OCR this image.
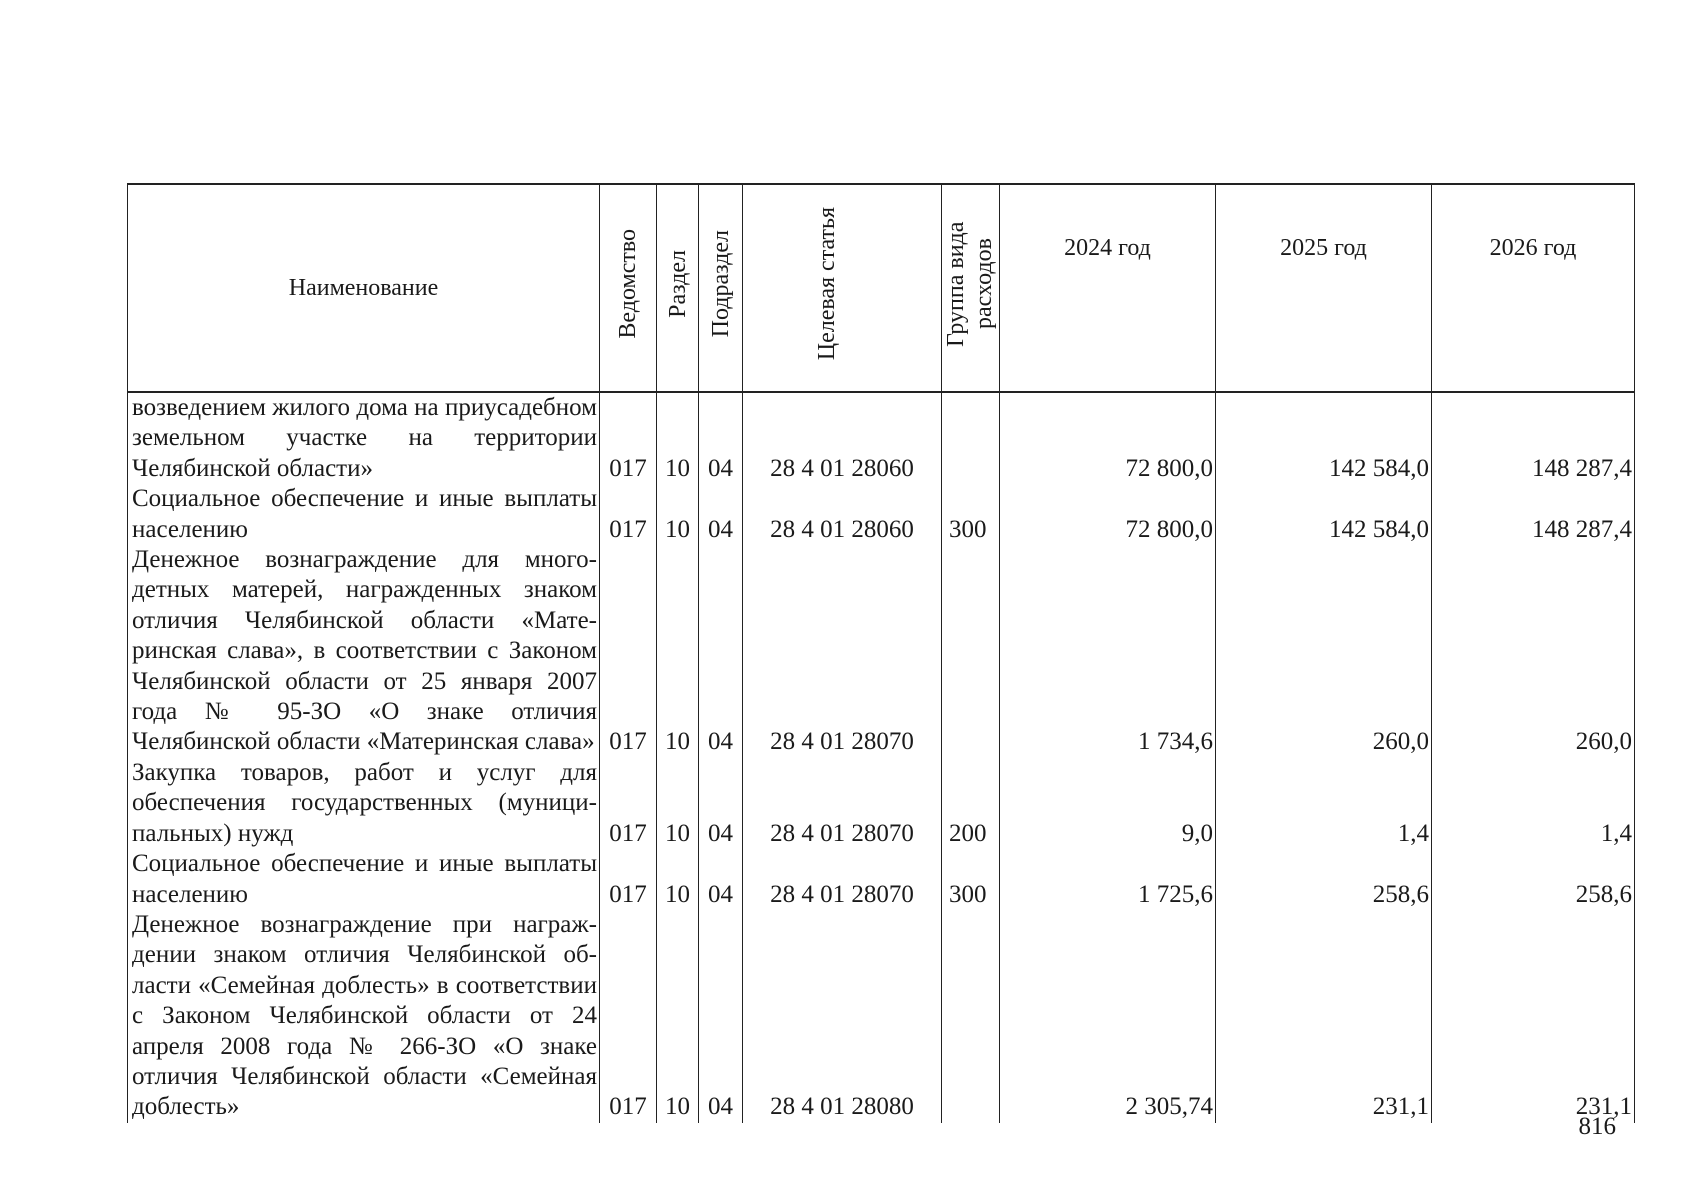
Наименование	Ведомство	Раздел	Подраздел	Целевая статья	Группа вида расходов	2024 год	2025 год	2026 год
возведением жилого дома на приусадебном земельном участке на территории Челябинской области»	017	10	04	28 4 01 28060		72 800,0	142 584,0	148 287,4
Социальное обеспечение и иные выплаты населению	017	10	04	28 4 01 28060	300	72 800,0	142 584,0	148 287,4
Денежное вознаграждение для многодетных матерей, награжденных знаком отличия Челябинской области «Материнская слава», в соответствии с Законом Челябинской области от 25 января 2007 года № 95-ЗО «О знаке отличия Челябинской области «Материнская слава»	017	10	04	28 4 01 28070		1 734,6	260,0	260,0
Закупка товаров, работ и услуг для обеспечения государственных (муниципальных) нужд	017	10	04	28 4 01 28070	200	9,0	1,4	1,4
Социальное обеспечение и иные выплаты населению	017	10	04	28 4 01 28070	300	1 725,6	258,6	258,6
Денежное вознаграждение при награждении знаком отличия Челябинской области «Семейная доблесть» в соответствии с Законом Челябинской области от 24 апреля 2008 года № 266-ЗО «О знаке отличия Челябинской области «Семейная доблесть»	017	10	04	28 4 01 28080		2 305,74	231,1	231,1
816
